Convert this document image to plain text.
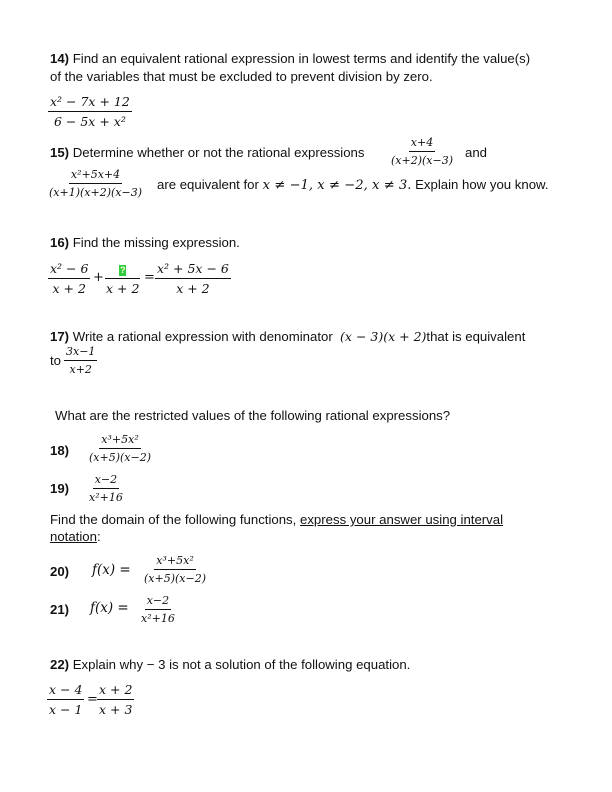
14) Find an equivalent rational expression in lowest terms and identify the value(s)
of the variables that must be excluded to prevent division by zero.
$\frac{\text{x² − 7x + 12}}{\text{6 − 5x + x²}}$
15) Determine whether or not the rational expressions $\frac{x+4}{(x+2)(x-3)}$ and
$\frac{\text{x²+5x+4}}{(x+1)(x+2)(x-3)}$ are equivalent for x ≠ −1, x ≠ −2, x ≠ 3. Explain how you know.
16) Find the missing expression.
$\frac{\text{x² − 6}}{x + 2}$ +	?
x + 2
= $\frac{\text{x² + 5x − 6}}{x + 2}$
17) Write a rational expression with denominator (x − 3)(x + 2)that is equivalent
to $\frac{3x-1}{x+2}$
What are the restricted values of the following rational expressions?
$18) \frac{\text{x³+5x²}}{(x+5)(x-2)}$
$19) \frac{x-2}{\text{x²+16}}$
Find the domain of the following functions, express your answer using interval
notation:
20) $f(x) = \frac{\text{x³+5x²}}{(x+5)(x-2)}$
21) $f(x) = \frac{x-2}{\text{x²+16}}$
22) Explain why − 3 is not a solution of the following equation.
$\frac{x - 4}{x - 1} = \frac{x + 2}{x + 3}$
